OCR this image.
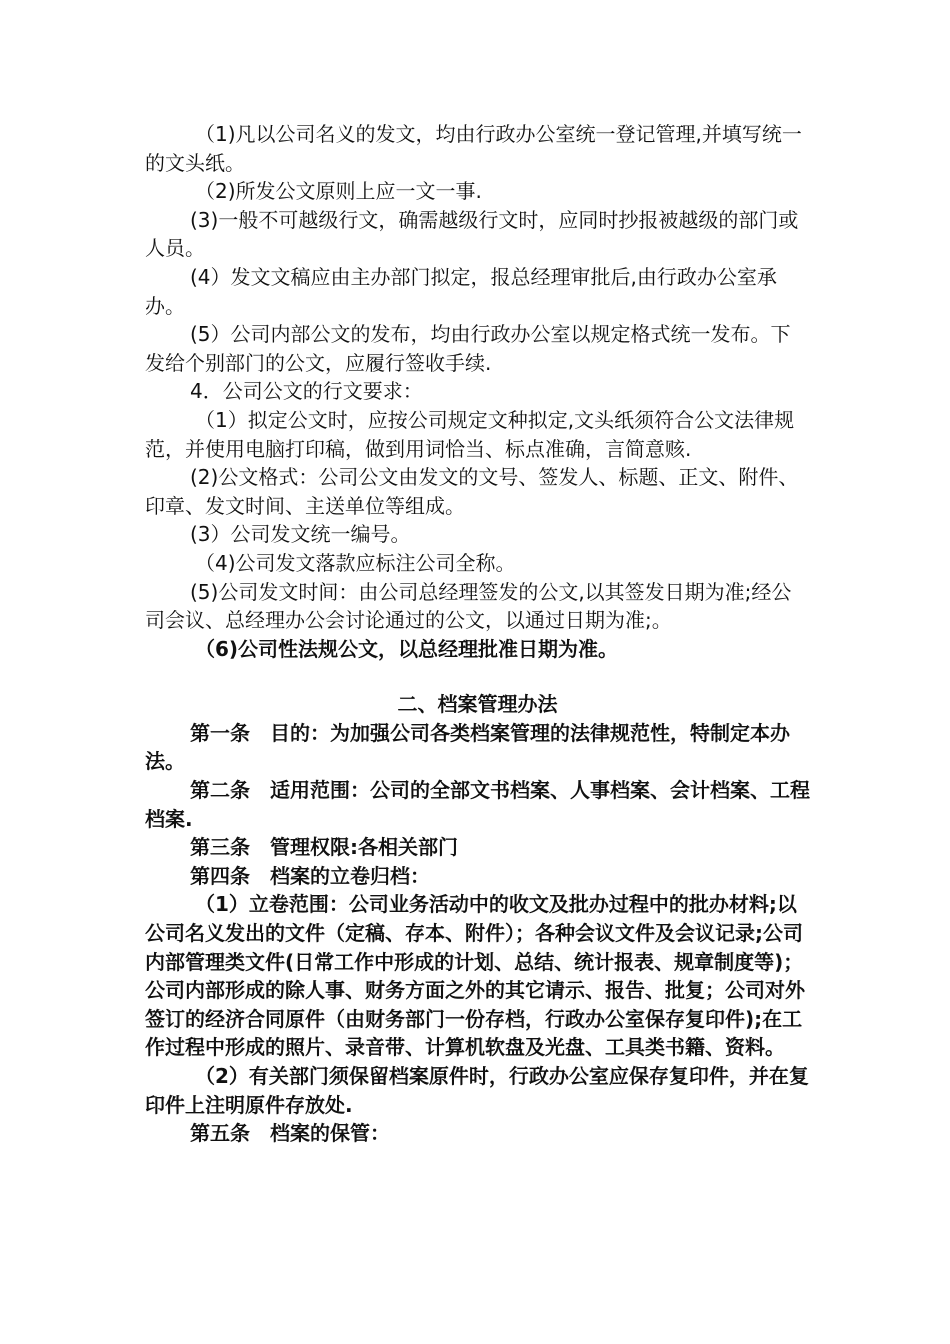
（1)凡以公司名义的发文，均由行政办公室统一登记管理,并填写统一的文头纸。

（2)所发公文原则上应一文一事.

(3)一般不可越级行文，确需越级行文时，应同时抄报被越级的部门或人员。

(4）发文文稿应由主办部门拟定，报总经理审批后,由行政办公室承办。

(5）公司内部公文的发布，均由行政办公室以规定格式统一发布。下发给个别部门的公文，应履行签收手续.

4．公司公文的行文要求：

（1）拟定公文时，应按公司规定文种拟定,文头纸须符合公文法律规范，并使用电脑打印稿，做到用词恰当、标点准确，言简意赅.

(2)公文格式：公司公文由发文的文号、签发人、标题、正文、附件、印章、发文时间、主送单位等组成。

(3）公司发文统一编号。

（4)公司发文落款应标注公司全称。

(5)公司发文时间：由公司总经理签发的公文,以其签发日期为准;经公司会议、总经理办公会讨论通过的公文，以通过日期为准;。

（6)公司性法规公文，以总经理批准日期为准。

二、档案管理办法

第一条　目的：为加强公司各类档案管理的法律规范性，特制定本办法。

第二条　适用范围：公司的全部文书档案、人事档案、会计档案、工程档案.

第三条　管理权限:各相关部门

第四条　档案的立卷归档：

（1）立卷范围：公司业务活动中的收文及批办过程中的批办材料;以公司名义发出的文件（定稿、存本、附件）；各种会议文件及会议记录;公司内部管理类文件(日常工作中形成的计划、总结、统计报表、规章制度等)；公司内部形成的除人事、财务方面之外的其它请示、报告、批复；公司对外签订的经济合同原件（由财务部门一份存档，行政办公室保存复印件);在工作过程中形成的照片、录音带、计算机软盘及光盘、工具类书籍、资料。

（2）有关部门须保留档案原件时，行政办公室应保存复印件，并在复印件上注明原件存放处.

第五条　档案的保管：
